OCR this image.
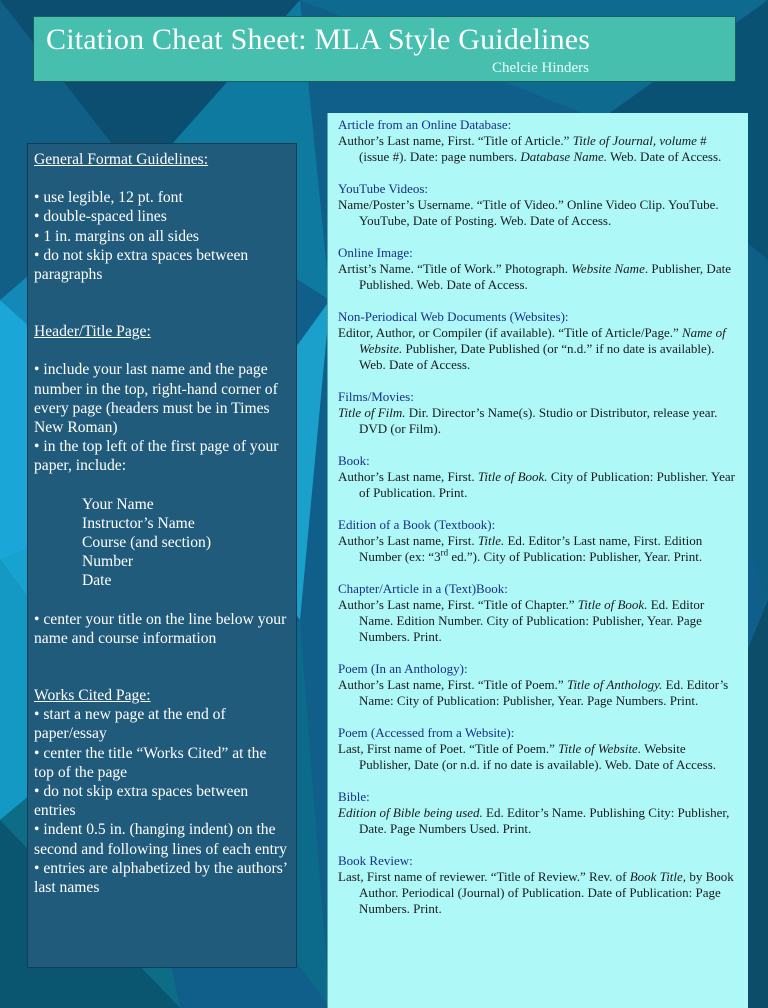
Citation Cheat Sheet: MLA Style Guidelines
Chelcie Hinders

General Format Guidelines:

• use legible, 12 pt. font

• double-spaced lines

• 1 in. margins on all sides

• do not skip extra spaces between paragraphs

Header/Title Page:

• include your last name and the page number in the top, right-hand corner of every page (headers must be in Times New Roman)

• in the top left of the first page of your paper, include:

Your Name

Instructor’s Name

Course (and section)

Number

Date

• center your title on the line below your name and course information

Works Cited Page:

• start a new page at the end of paper/essay

• center the title “Works Cited” at the top of the page

• do not skip extra spaces between entries

• indent 0.5 in. (hanging indent) on the second and following lines of each entry

• entries are alphabetized by the authors’ last names

Article from an Online Database:
Author’s Last name, First. “Title of Article.” Title of Journal, volume # (issue #). Date: page numbers. Database Name. Web. Date of Access.
YouTube Videos:
Name/Poster’s Username. “Title of Video.” Online Video Clip. YouTube. YouTube, Date of Posting. Web. Date of Access.
Online Image:
Artist’s Name. “Title of Work.” Photograph. Website Name. Publisher, Date Published. Web. Date of Access.
Non-Periodical Web Documents (Websites):
Editor, Author, or Compiler (if available). “Title of Article/Page.” Name of Website. Publisher, Date Published (or “n.d.” if no date is available). Web. Date of Access.
Films/Movies:
Title of Film. Dir. Director’s Name(s). Studio or Distributor, release year. DVD (or Film).
Book:
Author’s Last name, First. Title of Book. City of Publication: Publisher. Year of Publication. Print.
Edition of a Book (Textbook):
Author’s Last name, First. Title. Ed. Editor’s Last name, First. Edition Number (ex: “3rd ed.”). City of Publication: Publisher, Year. Print.
Chapter/Article in a (Text)Book:
Author’s Last name, First. “Title of Chapter.” Title of Book. Ed. Editor Name. Edition Number. City of Publication: Publisher, Year. Page Numbers. Print.
Poem (In an Anthology):
Author’s Last name, First. “Title of Poem.” Title of Anthology. Ed. Editor’s Name: City of Publication: Publisher, Year. Page Numbers. Print.
Poem (Accessed from a Website):
Last, First name of Poet. “Title of Poem.” Title of Website. Website Publisher, Date (or n.d. if no date is available). Web. Date of Access.
Bible:
Edition of Bible being used. Ed. Editor’s Name. Publishing City: Publisher, Date. Page Numbers Used. Print.
Book Review:
Last, First name of reviewer. “Title of Review.” Rev. of Book Title, by Book Author. Periodical (Journal) of Publication. Date of Publication: Page Numbers. Print.
